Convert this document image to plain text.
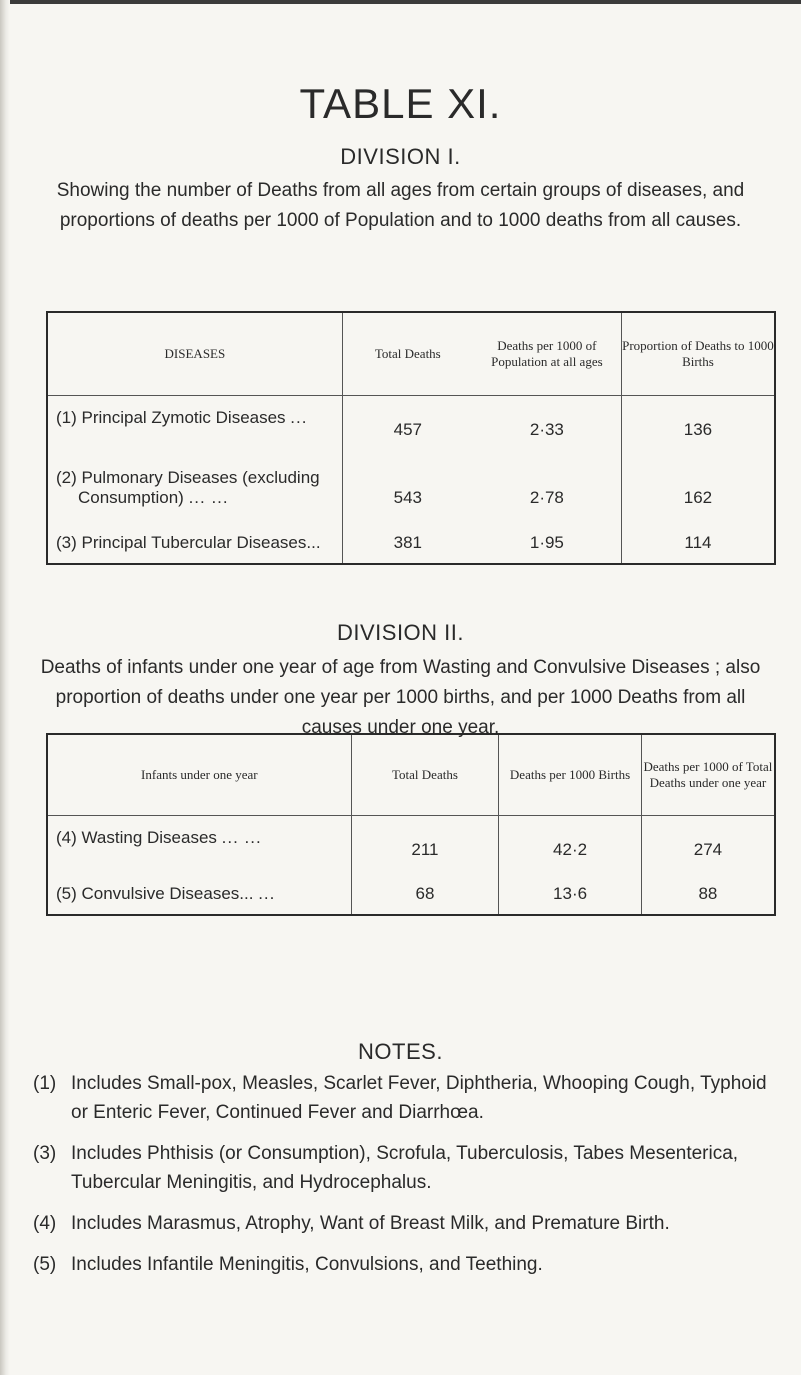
TABLE XI.
DIVISION I.
Showing the number of Deaths from all ages from certain groups of diseases, and proportions of deaths per 1000 of Population and to 1000 deaths from all causes.
DISEASES	Total Deaths	Deaths per 1000 of Population at all ages	Proportion of Deaths to 1000 Births
(1) Principal Zymotic Diseases ...	457	2·33	136

(2) Pulmonary Diseases (excluding
Consumption) ... ...	543	2·78	162
(3) Principal Tubercular Diseases...	381	1·95	114
DIVISION II.
Deaths of infants under one year of age from Wasting and Convulsive Diseases ; also proportion of deaths under one year per 1000 births, and per 1000 Deaths from all causes under one year.
Infants under one year	Total Deaths	Deaths per 1000 Births	Deaths per 1000 of Total Deaths under one year
(4) Wasting Diseases ... ...	211	42·2	274
(5) Convulsive Diseases... ...	68	13·6	88
NOTES.
(1) Includes Small-pox, Measles, Scarlet Fever, Diphtheria, Whooping Cough, Typhoid or Enteric Fever, Continued Fever and Diarrhœa.
(3) Includes Phthisis (or Consumption), Scrofula, Tuberculosis, Tabes Mesenterica, Tubercular Meningitis, and Hydrocephalus.
(4) Includes Marasmus, Atrophy, Want of Breast Milk, and Premature Birth.
(5) Includes Infantile Meningitis, Convulsions, and Teething.
